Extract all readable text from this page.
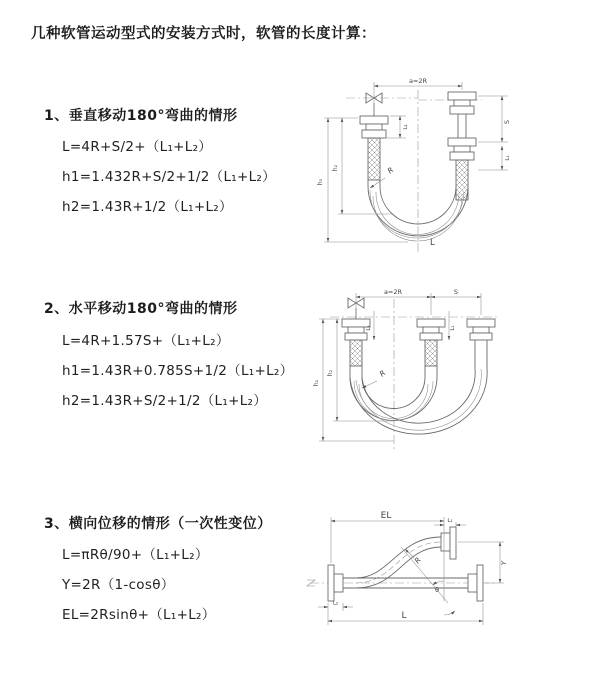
几种软管运动型式的安装方式时，软管的长度计算：
1、垂直移动180°弯曲的情形
L=4R+S/2+（L₁+L₂）
h1=1.432R+S/2+1/2（L₁+L₂）
h2=1.43R+1/2（L₁+L₂）
2、水平移动180°弯曲的情形
L=4R+1.57S+（L₁+L₂）
h1=1.43R+0.785S+1/2（L₁+L₂）
h2=1.43R+S/2+1/2（L₁+L₂）
3、横向位移的情形（一次性变位）
L=πRθ/90+（L₁+L₂）
Y=2R（1-cosθ）
EL=2Rsinθ+（L₁+L₂）
a=2R
S
L₁
L₂
h₁
h₂	R
L
a=2R	S
h₁
h₂
L₂	L₁
R
θ
EL	L₁
Y
L
L₂
R
